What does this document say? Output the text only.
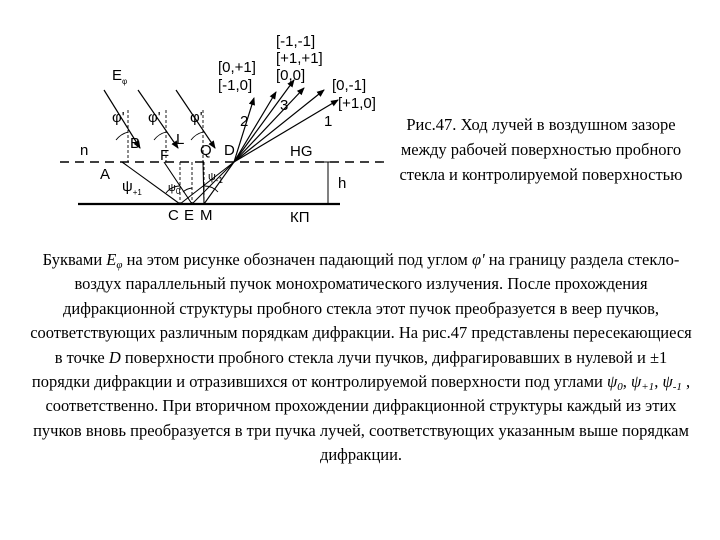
$E_\varphi$
φ' φ' φ'
n	B L
F Q D	HG
A
$\psi_{+1}$ $\psi_0$
$\psi_{-1}$	h
C E M	КП
[-1,-1]
[+1,+1]
[0,0]
[0,+1]
[-1,0]	[0,-1]
[+1,0]
3
2	1	Рис.47. Ход лучей в воздушном зазоре между рабочей поверхностью пробного стекла и контролируемой поверхностью
Буквами $E_\varphi$ на этом рисунке обозначен падающий под углом φ' на границу раздела стекло-воздух параллельный пучок монохроматического излучения. После прохождения дифракционной структуры пробного стекла этот пучок преобразуется в веер пучков, соответствующих различным порядкам дифракции. На рис.47 представлены пересекающиеся в точке D поверхности пробного стекла лучи пучков, дифрагировавших в нулевой и ±1 порядки дифракции и отразившихся от контролируемой поверхности под углами $\psi_0$, $\psi_{+1}$, $\psi_{-1}$ , соответственно. При вторичном прохождении дифракционной структуры каждый из этих пучков вновь преобразуется в три пучка лучей, соответствующих указанным выше порядкам дифракции.
